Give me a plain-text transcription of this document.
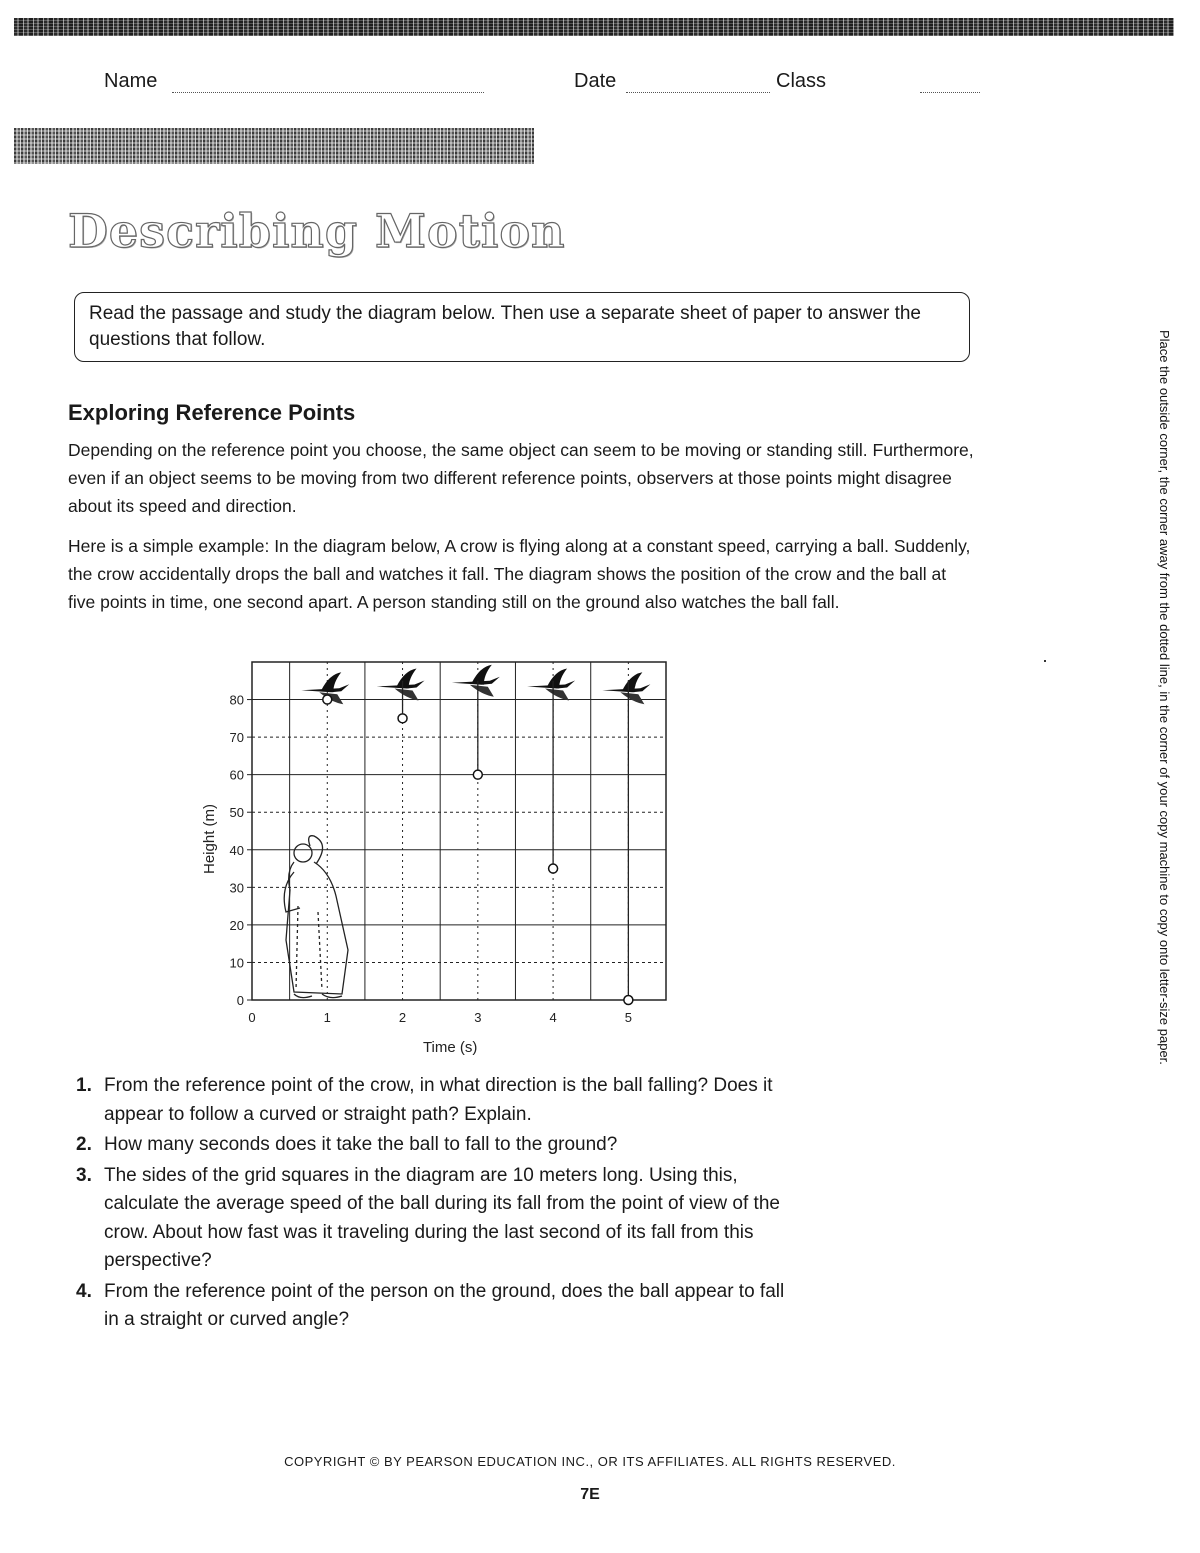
Name	Date	Class
Describing Motion
Read the passage and study the diagram below. Then use a separate sheet of paper to answer the questions that follow.
Exploring Reference Points
Depending on the reference point you choose, the same object can seem to be moving or standing still. Furthermore, even if an object seems to be moving from two different reference points, observers at those points might disagree about its speed and direction.
Here is a simple example: In the diagram below, A crow is flying along at a constant speed, carrying a ball. Suddenly, the crow accidentally drops the ball and watches it fall. The diagram shows the position of the crow and the ball at five points in time, one second apart. A person standing still on the ground also watches the ball fall.
0
10
20
30
40
50
60
70
80
0	1	2	3	4	5
Time (s)
Height (m)
1. From the reference point of the crow, in what direction is the ball falling? Does it appear to follow a curved or straight path? Explain.
2. How many seconds does it take the ball to fall to the ground?
3. The sides of the grid squares in the diagram are 10 meters long. Using this, calculate the average speed of the ball during its fall from the point of view of the crow. About how fast was it traveling during the last second of its fall from this perspective?
4. From the reference point of the person on the ground, does the ball appear to fall in a straight or curved angle?
Place the outside corner, the corner away from the dotted line, in the corner of your copy machine to copy onto letter-size paper.
COPYRIGHT © BY PEARSON EDUCATION INC., OR ITS AFFILIATES. ALL RIGHTS RESERVED.
7E
